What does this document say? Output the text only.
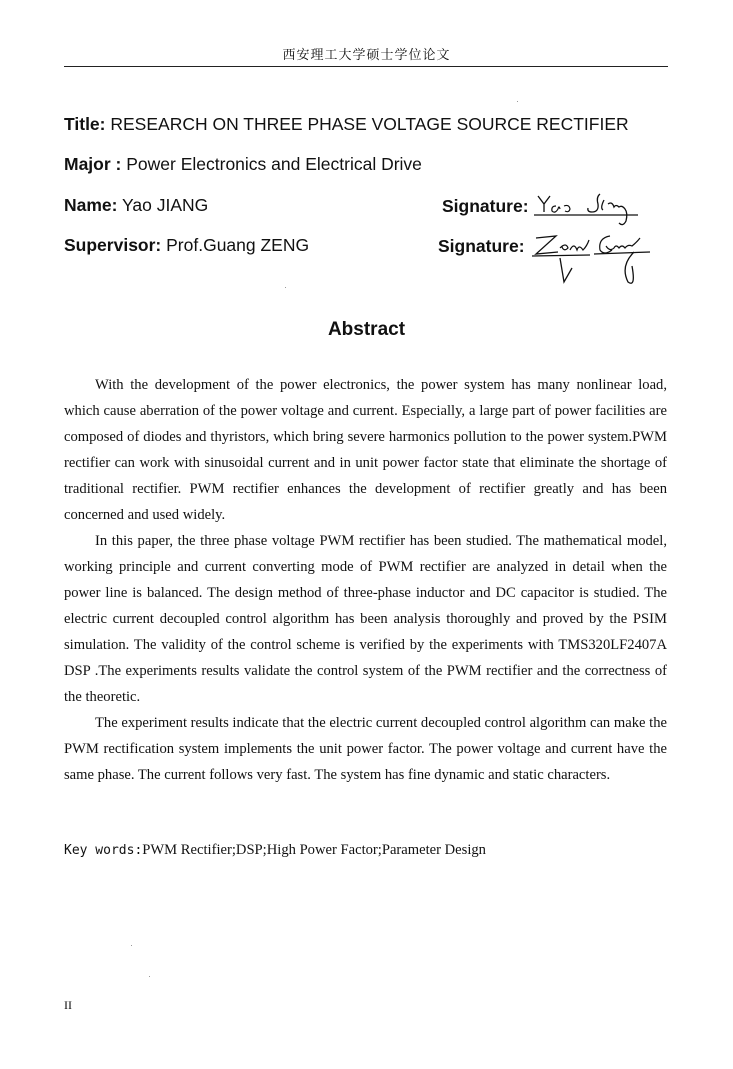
西安理工大学硕士学位论文
Title: RESEARCH ON THREE PHASE VOLTAGE SOURCE RECTIFIER
Major : Power Electronics and Electrical Drive
Name: Yao JIANG
Supervisor: Prof.Guang ZENG
Signature:
Signature:
Abstract

With the development of the power electronics, the power system has many nonlinear load, which cause aberration of the power voltage and current. Especially, a large part of power facilities are composed of diodes and thyristors, which bring severe harmonics pollution to the power system.PWM rectifier can work with sinusoidal current and in unit power factor state that eliminate the shortage of traditional rectifier. PWM rectifier enhances the development of rectifier greatly and has been concerned and used widely.

In this paper, the three phase voltage PWM rectifier has been studied. The mathematical model, working principle and current converting mode of PWM rectifier are analyzed in detail when the power line is balanced. The design method of three-phase inductor and DC capacitor is studied. The electric current decoupled control algorithm has been analysis thoroughly and proved by the PSIM simulation. The validity of the control scheme is verified by the experiments with TMS320LF2407A DSP .The experiments results validate the control system of the PWM rectifier and the correctness of the theoretic.

The experiment results indicate that the electric current decoupled control algorithm can make the PWM rectification system implements the unit power factor. The power voltage and current have the same phase. The current follows very fast. The system has fine dynamic and static characters.

Key words:PWM Rectifier;DSP;High Power Factor;Parameter Design
II
